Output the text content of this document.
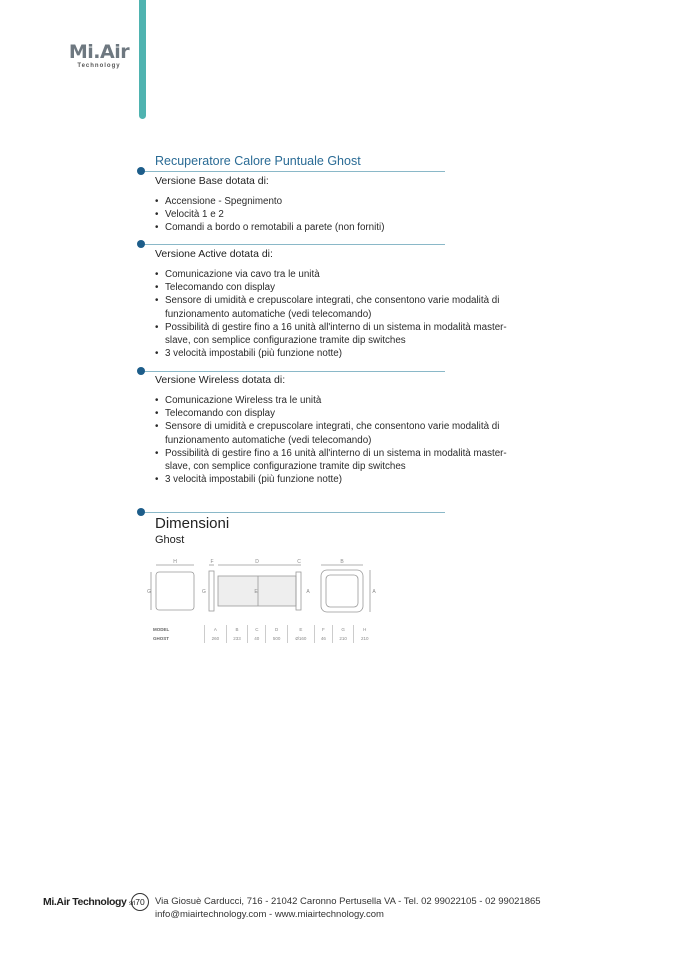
Mi.Air
Technology
Recuperatore Calore Puntuale Ghost
Versione Base dotata di:
• Accensione - Spegnimento
• Velocità 1 e 2
• Comandi a bordo o remotabili a parete (non forniti)
Versione Active dotata di:
• Comunicazione via cavo tra le unità
• Telecomando con display
• Sensore di umidità e crepuscolare integrati, che consentono varie modalità di funzionamento automatiche (vedi telecomando)
• Possibilità di gestire fino a 16 unità all'interno di un sistema in modalità master-slave, con semplice configurazione tramite dip switches
• 3 velocità impostabili (più funzione notte)
Versione Wireless dotata di:
• Comunicazione Wireless tra le unità
• Telecomando con display
• Sensore di umidità e crepuscolare integrati, che consentono varie modalità di funzionamento automatiche (vedi telecomando)
• Possibilità di gestire fino a 16 unità all'interno di un sistema in modalità master-slave, con semplice configurazione tramite dip switches
• 3 velocità impostabili (più funzione notte)
Dimensioni
Ghost
H	F	D	C	B
G	G	E	A	A
MODEL	A	B	C	D	E	F	G	H
GHOST	260	233	40	500	Ø160	46	210	210
Mi.Air Technology srl 70	Via Giosuè Carducci, 716 - 21042 Caronno Pertusella VA - Tel. 02 99022105 - 02 99021865
info@miairtechnology.com - www.miairtechnology.com
